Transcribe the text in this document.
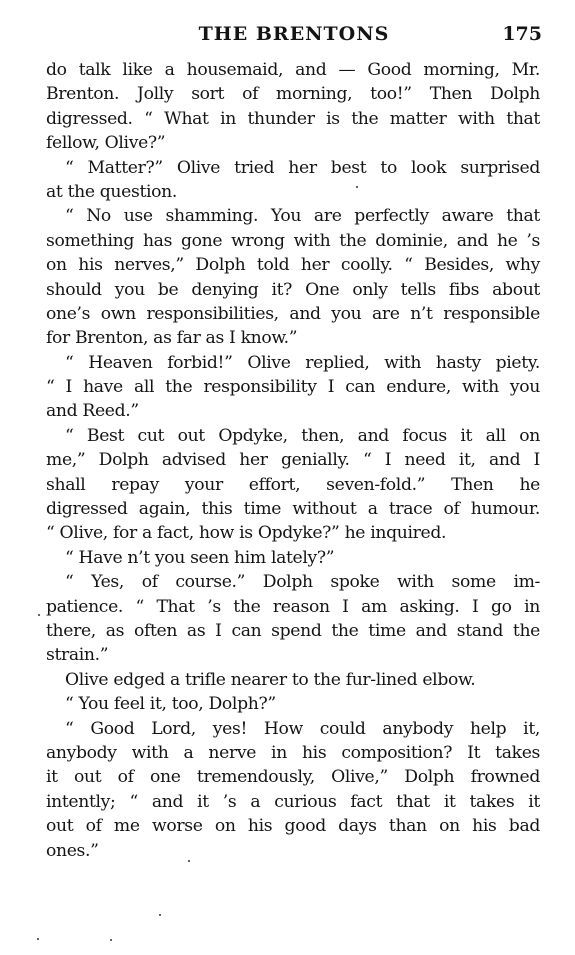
THE BRENTONS	175
do talk like a housemaid, and — Good morning, Mr.
Brenton. Jolly sort of morning, too!” Then Dolph
digressed. “ What in thunder is the matter with that
fellow, Olive?”
“ Matter?” Olive tried her best to look surprised
at the question.
“ No use shamming. You are perfectly aware that
something has gone wrong with the dominie, and he ’s
on his nerves,” Dolph told her coolly. “ Besides, why
should you be denying it? One only tells fibs about
one’s own responsibilities, and you are n’t responsible
for Brenton, as far as I know.”
“ Heaven forbid!” Olive replied, with hasty piety.
“ I have all the responsibility I can endure, with you
and Reed.”
“ Best cut out Opdyke, then, and focus it all on
me,” Dolph advised her genially. “ I need it, and I
shall repay your effort, seven-fold.” Then he
digressed again, this time without a trace of humour.
“ Olive, for a fact, how is Opdyke?” he inquired.
“ Have n’t you seen him lately?”
“ Yes, of course.” Dolph spoke with some im-
patience. “ That ’s the reason I am asking. I go in
there, as often as I can spend the time and stand the
strain.”
Olive edged a trifle nearer to the fur-lined elbow.
“ You feel it, too, Dolph?”
“ Good Lord, yes! How could anybody help it,
anybody with a nerve in his composition? It takes
it out of one tremendously, Olive,” Dolph frowned
intently; “ and it ’s a curious fact that it takes it
out of me worse on his good days than on his bad
ones.”
